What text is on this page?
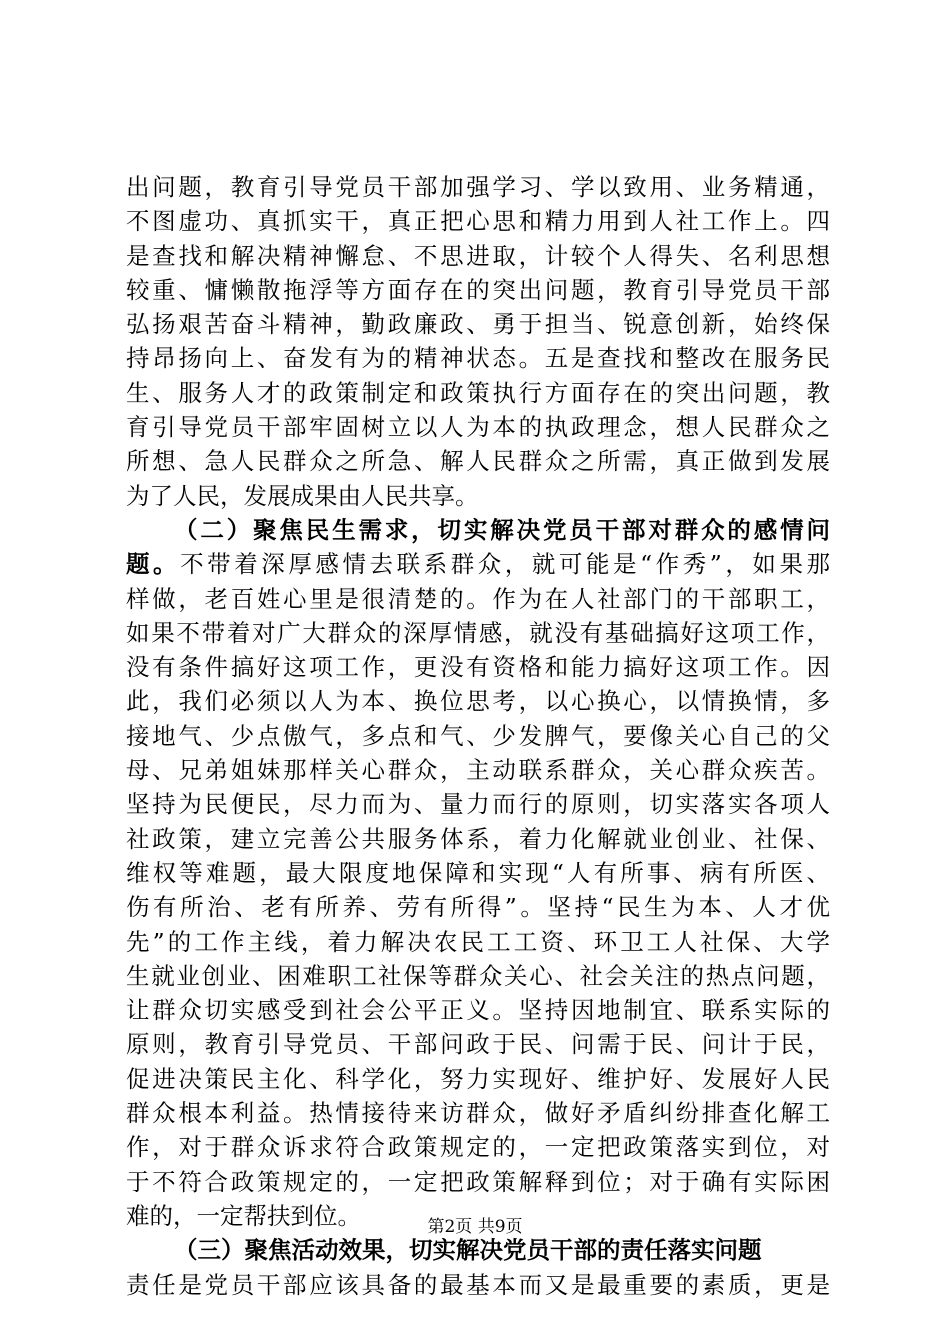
出问题，教育引导党员干部加强学习、学以致用、业务精通，
不图虚功、真抓实干，真正把心思和精力用到人社工作上。四
是查找和解决精神懈怠、不思进取，计较个人得失、名利思想
较重、慵懒散拖浮等方面存在的突出问题，教育引导党员干部
弘扬艰苦奋斗精神，勤政廉政、勇于担当、锐意创新，始终保
持昂扬向上、奋发有为的精神状态。五是查找和整改在服务民
生、服务人才的政策制定和政策执行方面存在的突出问题，教
育引导党员干部牢固树立以人为本的执政理念，想人民群众之
所想、急人民群众之所急、解人民群众之所需，真正做到发展
为了人民，发展成果由人民共享。
（二）聚焦民生需求，切实解决党员干部对群众的感情问
题。不带着深厚感情去联系群众，就可能是“作秀”，如果那
样做，老百姓心里是很清楚的。作为在人社部门的干部职工，
如果不带着对广大群众的深厚情感，就没有基础搞好这项工作，
没有条件搞好这项工作，更没有资格和能力搞好这项工作。因
此，我们必须以人为本、换位思考，以心换心，以情换情，多
接地气、少点傲气，多点和气、少发脾气，要像关心自己的父
母、兄弟姐妹那样关心群众，主动联系群众，关心群众疾苦。
坚持为民便民，尽力而为、量力而行的原则，切实落实各项人
社政策，建立完善公共服务体系，着力化解就业创业、社保、
维权等难题，最大限度地保障和实现“人有所事、病有所医、
伤有所治、老有所养、劳有所得”。坚持“民生为本、人才优
先”的工作主线，着力解决农民工工资、环卫工人社保、大学
生就业创业、困难职工社保等群众关心、社会关注的热点问题，
让群众切实感受到社会公平正义。坚持因地制宜、联系实际的
原则，教育引导党员、干部问政于民、问需于民、问计于民，
促进决策民主化、科学化，努力实现好、维护好、发展好人民
群众根本利益。热情接待来访群众，做好矛盾纠纷排查化解工
作，对于群众诉求符合政策规定的，一定把政策落实到位，对
于不符合政策规定的，一定把政策解释到位；对于确有实际困
难的，一定帮扶到位。
（三）聚焦活动效果，切实解决党员干部的责任落实问题
责任是党员干部应该具备的最基本而又是最重要的素质，更是
第2页 共9页
